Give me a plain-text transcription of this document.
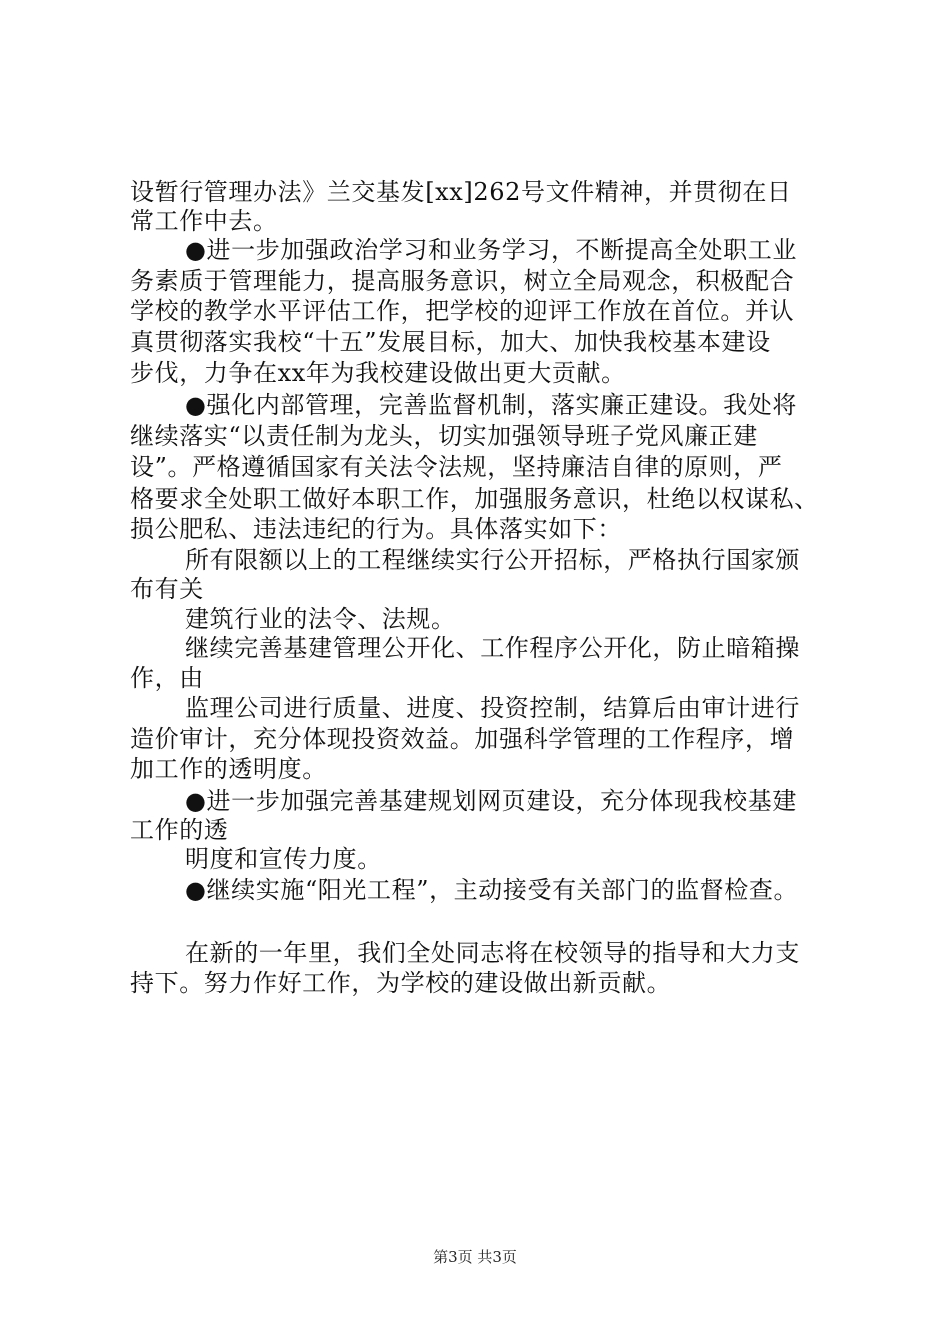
设暂行管理办法》兰交基发[xx]262号文件精神，并贯彻在日
常工作中去。
●进一步加强政治学习和业务学习，不断提高全处职工业
务素质于管理能力，提高服务意识，树立全局观念，积极配合
学校的教学水平评估工作，把学校的迎评工作放在首位。并认
真贯彻落实我校“十五”发展目标，加大、加快我校基本建设
步伐，力争在xx年为我校建设做出更大贡献。
●强化内部管理，完善监督机制，落实廉正建设。我处将
继续落实“以责任制为龙头，切实加强领导班子党风廉正建
设”。严格遵循国家有关法令法规，坚持廉洁自律的原则，严
格要求全处职工做好本职工作，加强服务意识，杜绝以权谋私、
损公肥私、违法违纪的行为。具体落实如下：
所有限额以上的工程继续实行公开招标，严格执行国家颁
布有关
建筑行业的法令、法规。
继续完善基建管理公开化、工作程序公开化，防止暗箱操
作，由
监理公司进行质量、进度、投资控制，结算后由审计进行
造价审计，充分体现投资效益。加强科学管理的工作程序，增
加工作的透明度。
●进一步加强完善基建规划网页建设，充分体现我校基建
工作的透
明度和宣传力度。
●继续实施“阳光工程”，主动接受有关部门的监督检查。
在新的一年里，我们全处同志将在校领导的指导和大力支
持下。努力作好工作，为学校的建设做出新贡献。
第3页 共3页
